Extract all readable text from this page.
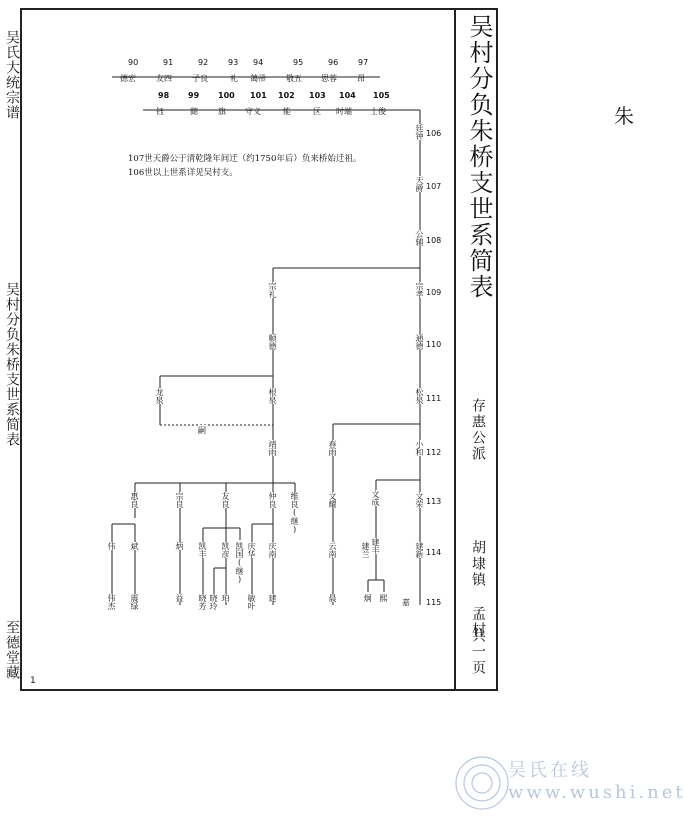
吴氏大统宗谱
吴村分负朱桥支世系简表
至德堂藏
吴村分负朱桥支世系简表
存惠公派
胡埭镇 孟村
共一页
1
朱
90	91	92 93 94	95	96 97
德宏	友四	子良	礼 蔼帚	敬五 思蓉	昂
98 99 100 101 102 103 104 105
钰	懿	旗 守义	能	区 时端 士俊
107世天爵公于清乾隆年间迁（约1750年后）负来桥始迁祖。
106世以上世系详见吴村支。
106
107
108
109
110
111
112
113
114
115
廷钟
天爵
公辅
宗孝
宗礼
通德
顺德
松泉
根泉
龙泉
嗣
小和
春雨
靖雨
文荣
文成
文耀
惠良	宗良	友良	仲良 维良(继)
建新
建丰
建兰
云南
庆南
庆华
凯国(继)
凯彦
凯丰
伟 斌	炳
嘉
熙
炯
晨
建
敏叶
珀
晓玲
晓芳
益
震绿
伟杰
吴氏在线 www.wushi.net
